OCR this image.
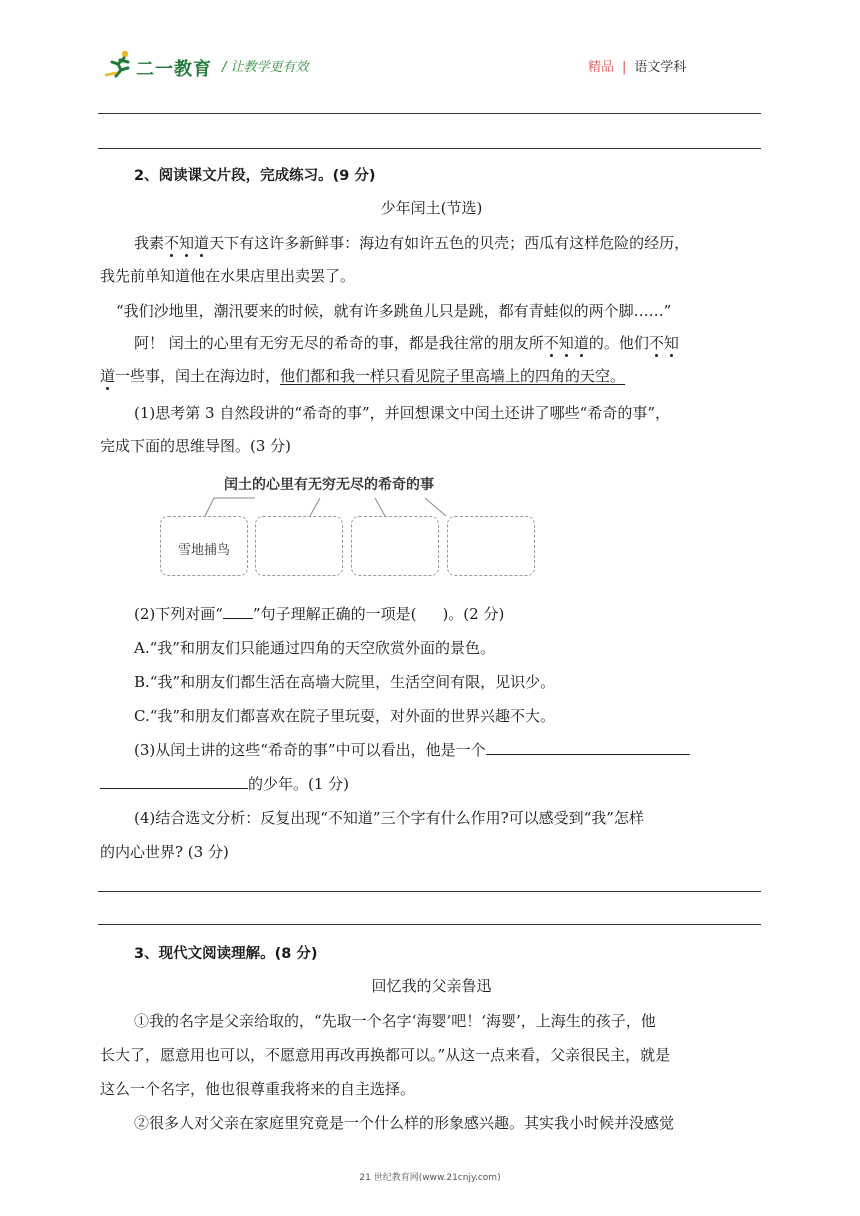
二一教育 / 让教学更有效	精品 | 语文学科
2、阅读课文片段，完成练习。(9 分)
少年闰土(节选)
我素不知道天下有这许多新鲜事：海边有如许五色的贝壳；西瓜有这样危险的经历，
我先前单知道他在水果店里出卖罢了。
“我们沙地里，潮汛要来的时候，就有许多跳鱼儿只是跳，都有青蛙似的两个脚……”
阿！ 闰土的心里有无穷无尽的希奇的事，都是我往常的朋友所不知道的。他们不知
道一些事，闰土在海边时，他们都和我一样只看见院子里高墙上的四角的天空。
(1)思考第 3 自然段讲的“希奇的事”，并回想课文中闰土还讲了哪些“希奇的事”，
完成下面的思维导图。(3 分)
闰土的心里有无穷无尽的希奇的事
雪地捕鸟
(2)下列对画“ ”句子理解正确的一项是( )。(2 分)
A.“我”和朋友们只能通过四角的天空欣赏外面的景色。
B.“我”和朋友们都生活在高墙大院里，生活空间有限，见识少。
C.“我”和朋友们都喜欢在院子里玩耍，对外面的世界兴趣不大。
(3)从闰土讲的这些“希奇的事”中可以看出，他是一个
的少年。(1 分)
(4)结合选文分析：反复出现“不知道”三个字有什么作用?可以感受到“我”怎样
的内心世界? (3 分)
3、现代文阅读理解。(8 分)
回忆我的父亲鲁迅
①我的名字是父亲给取的，“先取一个名字‘海婴’吧！‘海婴’，上海生的孩子，他
长大了，愿意用也可以，不愿意用再改再换都可以。”从这一点来看，父亲很民主，就是
这么一个名字，他也很尊重我将来的自主选择。
②很多人对父亲在家庭里究竟是一个什么样的形象感兴趣。其实我小时候并没感觉
21 世纪教育网(www.21cnjy.com)
